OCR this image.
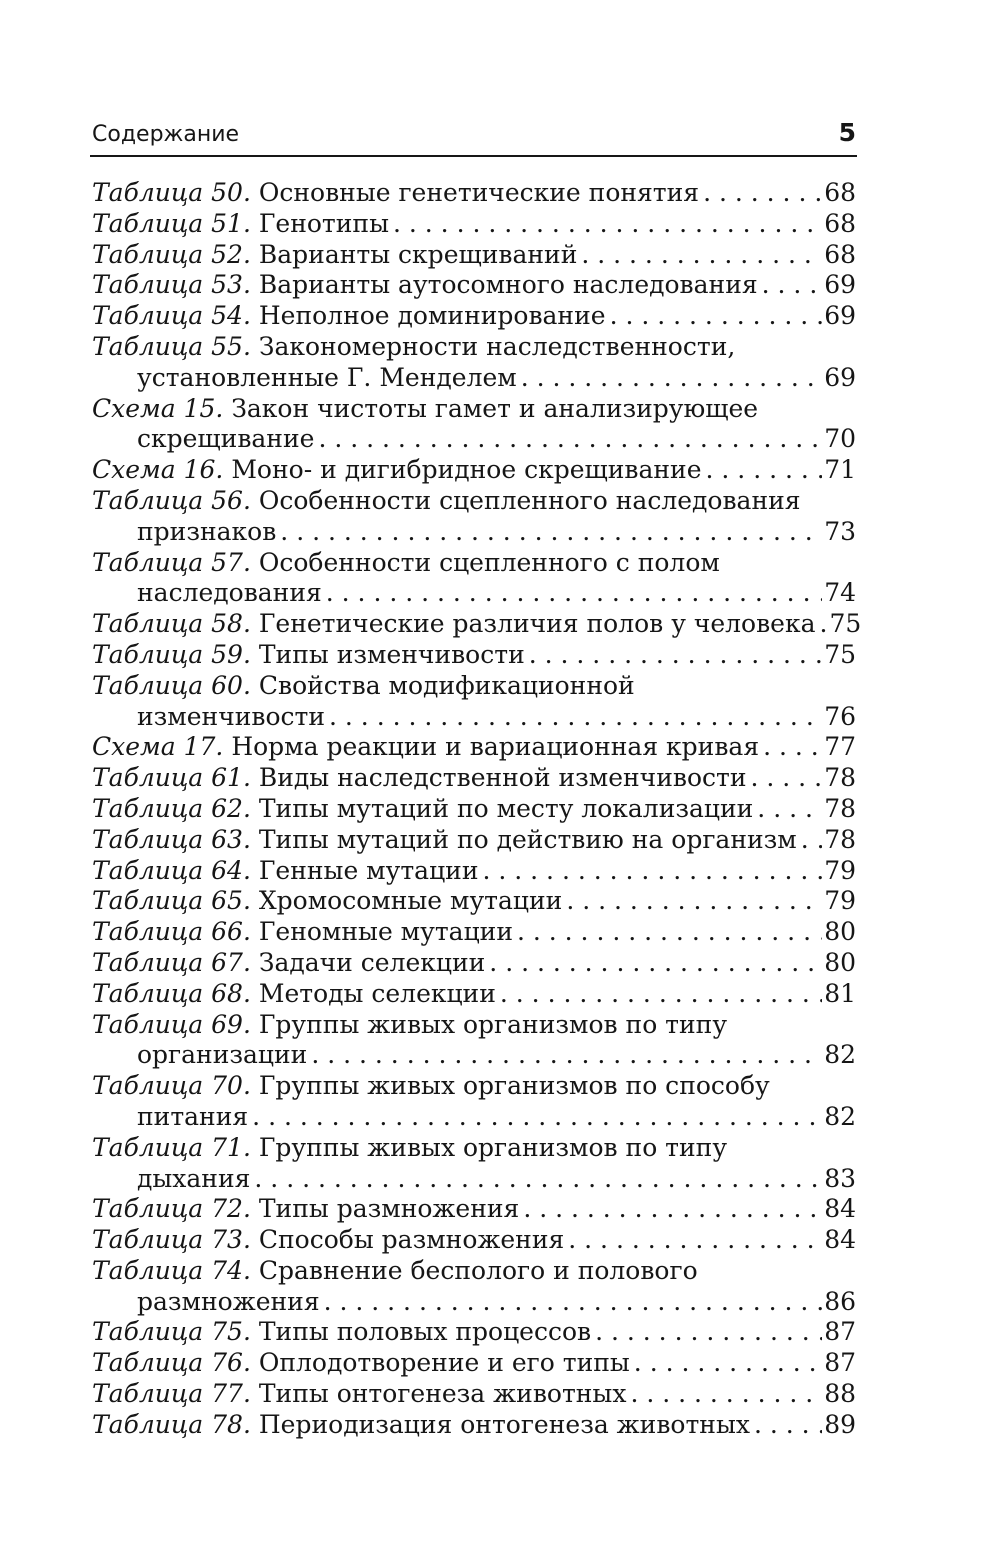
Содержание	5
Таблица 50.
Основные генетические понятия . . .	68
Таблица 51.
Генотипы . . .	68
Таблица 52.
Варианты скрещиваний . . .	68
Таблица 53.
Варианты аутосомного наследования . . .	69
Таблица 54.
Неполное доминирование . . .	69
Таблица 55.
Закономерности наследственности,
установленные Г. Менделем . . .	69
Схема 15.
Закон чистоты гамет и анализирующее
скрещивание . . .	70
Схема 16.
Моно- и дигибридное скрещивание . . .	71
Таблица 56.
Особенности сцепленного наследования
признаков . . .	73
Таблица 57.
Особенности сцепленного с полом
наследования . . .	74
Таблица 58.
Генетические различия полов у человека . . . 75
Таблица 59.
Типы изменчивости . . .	75
Таблица 60.
Свойства модификационной
изменчивости . . .	76
Схема 17.
Норма реакции и вариационная кривая . . .	77
Таблица 61.
Виды наследственной изменчивости . . .	78
Таблица 62.
Типы мутаций по месту локализации . . .	78
Таблица 63.
Типы мутаций по действию на организм . . . 78
Таблица 64.
Генные мутации . . .	79
Таблица 65.
Хромосомные мутации . . .	79
Таблица 66.
Геномные мутации . . .	80
Таблица 67.
Задачи селекции . . .	80
Таблица 68.
Методы селекции . . .	81
Таблица 69.
Группы живых организмов по типу
организации . . .	82
Таблица 70.
Группы живых организмов по способу
питания . . .	82
Таблица 71.
Группы живых организмов по типу
дыхания . . .	83
Таблица 72.
Типы размножения . . .	84
Таблица 73.
Способы размножения . . .	84
Таблица 74.
Сравнение бесполого и полового
размножения . . .	86
Таблица 75.
Типы половых процессов . . .	87
Таблица 76.
Оплодотворение и его типы . . .	87
Таблица 77.
Типы онтогенеза животных . . .	88
Таблица 78.
Периодизация онтогенеза животных . . .	89
